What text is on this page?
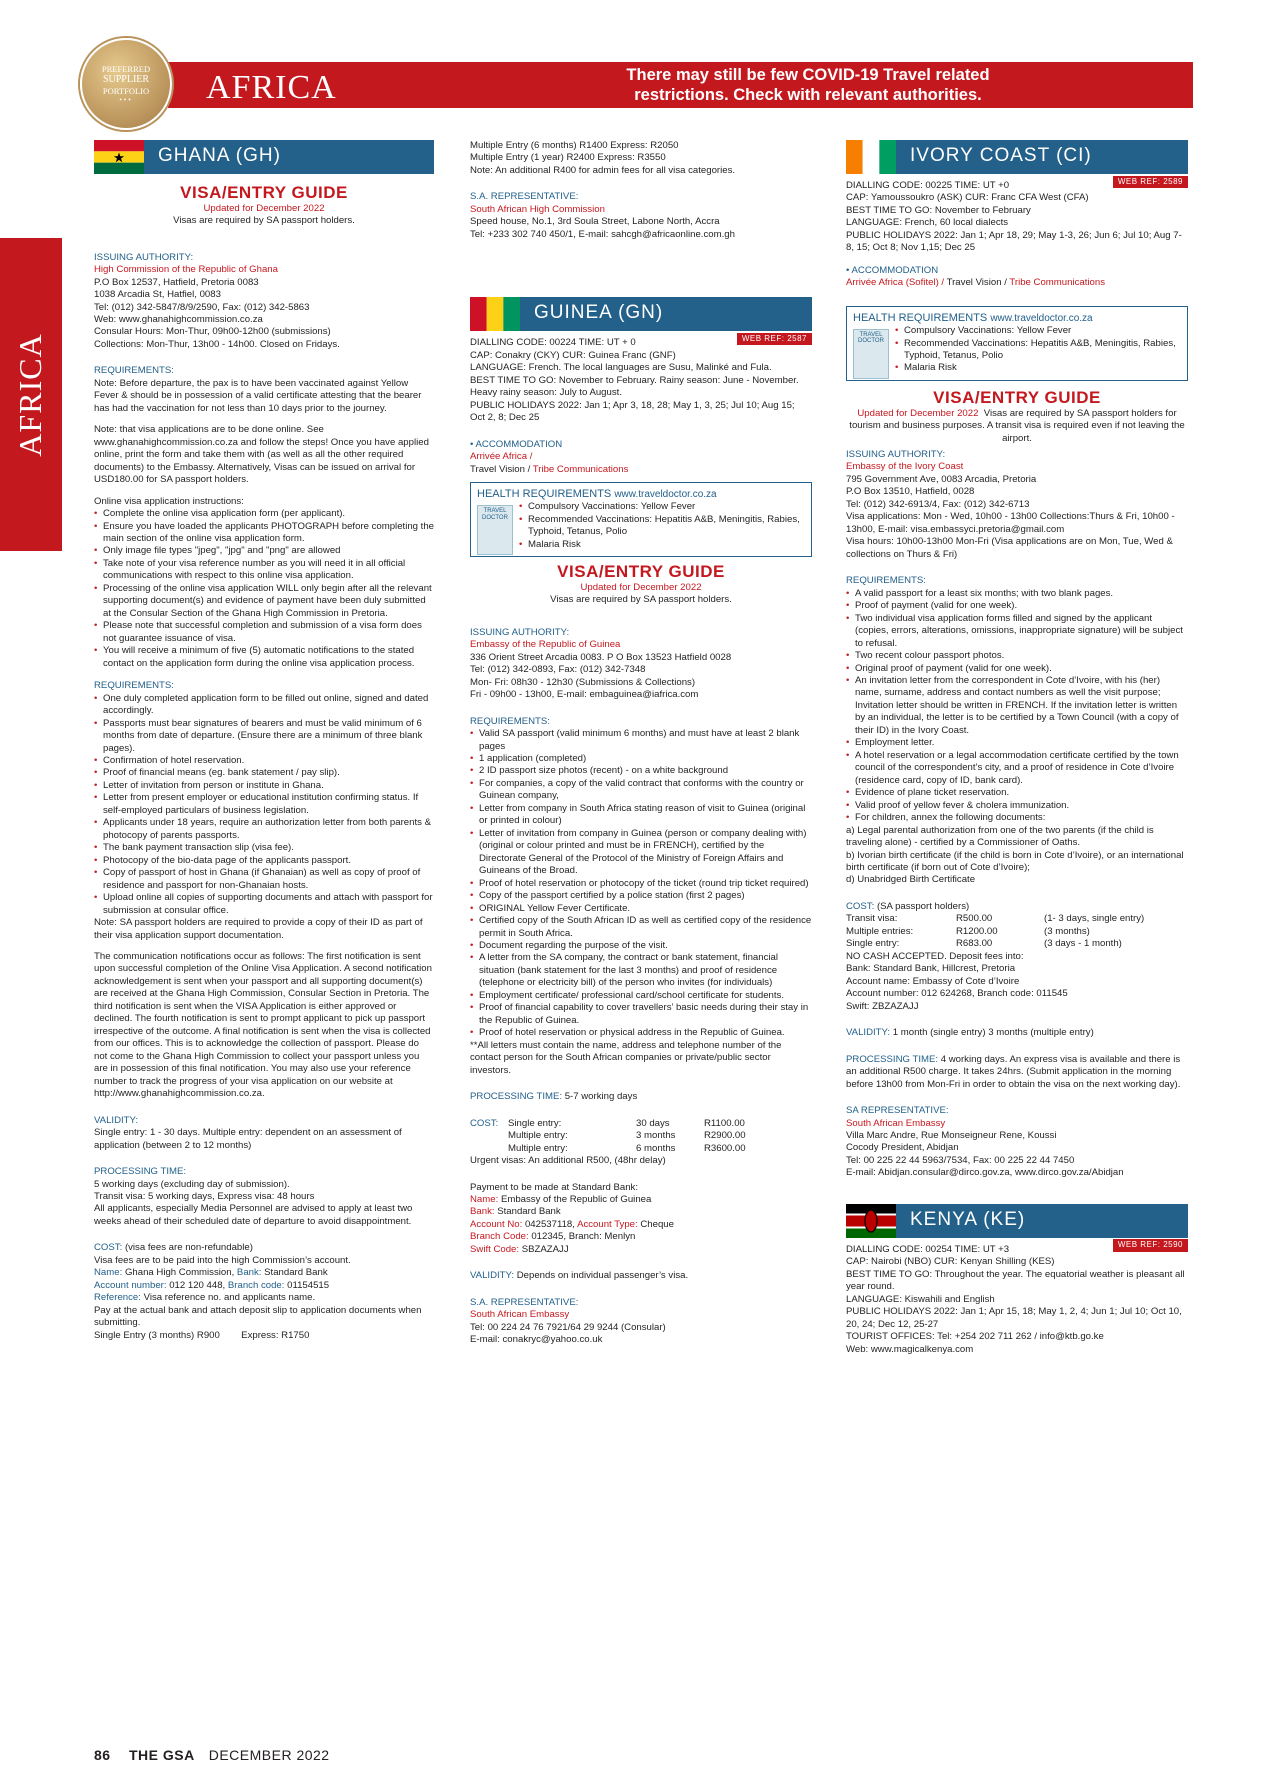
AFRICA
AFRICA	There may still be few COVID-19 Travel related
restrictions. Check with relevant authorities.
PREFERRED
SUPPLIER
PORTFOLIO
•••
GHANA (GH)
VISA/ENTRY GUIDE
Updated for December 2022
Visas are required by SA passport holders.
ISSUING AUTHORITY:
High Commission of the Republic of Ghana
P.O Box 12537, Hatfield, Pretoria 0083
1038 Arcadia St, Hatfiel, 0083
Tel: (012) 342-5847/8/9/2590, Fax: (012) 342-5863
Web: www.ghanahighcommission.co.za
Consular Hours: Mon-Thur, 09h00-12h00 (submissions)
Collections: Mon-Thur, 13h00 - 14h00. Closed on Fridays.
REQUIREMENTS:

Note: Before departure, the pax is to have been vaccinated against Yellow Fever & should be in possession of a valid certificate attesting that the bearer has had the vaccination for not less than 10 days prior to the journey.

Note: that visa applications are to be done online. See www.ghanahighcommission.co.za and follow the steps! Once you have applied online, print the form and take them with (as well as all the other required documents) to the Embassy. Alternatively, Visas can be issued on arrival for USD180.00 for SA passport holders.

Online visa application instructions:

• Complete the online visa application form (per applicant).
• Ensure you have loaded the applicants PHOTOGRAPH before completing the main section of the online visa application form.
• Only image file types "jpeg", "jpg" and "png" are allowed
• Take note of your visa reference number as you will need it in all official communications with respect to this online visa application.
• Processing of the online visa application WILL only begin after all the relevant supporting document(s) and evidence of payment have been duly submitted at the Consular Section of the Ghana High Commission in Pretoria.
• Please note that successful completion and submission of a visa form does not guarantee issuance of visa.
• You will receive a minimum of five (5) automatic notifications to the stated contact on the application form during the online visa application process.
REQUIREMENTS:
• One duly completed application form to be filled out online, signed and dated accordingly.
• Passports must bear signatures of bearers and must be valid minimum of 6 months from date of departure. (Ensure there are a minimum of three blank pages).
• Confirmation of hotel reservation.
• Proof of financial means (eg. bank statement / pay slip).
• Letter of invitation from person or institute in Ghana.
• Letter from present employer or educational institution confirming status. If self-employed particulars of business legislation.
• Applicants under 18 years, require an authorization letter from both parents & photocopy of parents passports.
• The bank payment transaction slip (visa fee).
• Photocopy of the bio-data page of the applicants passport.
• Copy of passport of host in Ghana (if Ghanaian) as well as copy of proof of residence and passport for non-Ghanaian hosts.
• Upload online all copies of supporting documents and attach with passport for submission at consular office.

Note: SA passport holders are required to provide a copy of their ID as part of their visa application support documentation.

The communication notifications occur as follows: The first notification is sent upon successful completion of the Online Visa Application. A second notification acknowledgement is sent when your passport and all supporting document(s) are received at the Ghana High Commission, Consular Section in Pretoria. The third notification is sent when the VISA Application is either approved or declined. The fourth notification is sent to prompt applicant to pick up passport irrespective of the outcome. A final notification is sent when the visa is collected from our offices. This is to acknowledge the collection of passport. Please do not come to the Ghana High Commission to collect your passport unless you are in possession of this final notification. You may also use your reference number to track the progress of your visa application on our website at http://www.ghanahighcommission.co.za.

VALIDITY:

Single entry: 1 - 30 days. Multiple entry: dependent on an assessment of application (between 2 to 12 months)

PROCESSING TIME:
5 working days (excluding day of submission).
Transit visa: 5 working days, Express visa: 48 hours
All applicants, especially Media Personnel are advised to apply at least two weeks ahead of their scheduled date of departure to avoid disappointment.
COST: (visa fees are non-refundable)

Visa fees are to be paid into the high Commission’s account.

Name: Ghana High Commission, Bank: Standard Bank

Account number: 012 120 448, Branch code: 01154515

Reference: Visa reference no. and applicants name.

Pay at the actual bank and attach deposit slip to application documents when submitting.

Single Entry (3 months) R900 Express: R1750

Multiple Entry (6 months) R1400 Express: R2050
Multiple Entry (1 year) R2400 Express: R3550
Note: An additional R400 for admin fees for all visa categories.
S.A. REPRESENTATIVE:
South African High Commission
Speed house, No.1, 3rd Soula Street, Labone North, Accra
Tel: +233 302 740 450/1, E-mail: sahcgh@africaonline.com.gh
GUINEA (GN)
WEB REF: 2587
DIALLING CODE: 00224 TIME: UT + 0
CAP: Conakry (CKY) CUR: Guinea Franc (GNF)
LANGUAGE: French. The local languages are Susu, Malinké and Fula.
BEST TIME TO GO: November to February. Rainy season: June - November. Heavy rainy season: July to August.
PUBLIC HOLIDAYS 2022: Jan 1; Apr 3, 18, 28; May 1, 3, 25; Jul 10; Aug 15; Oct 2, 8; Dec 25
• ACCOMMODATION
Arrivée Africa /
Travel Vision / Tribe Communications
HEALTH REQUIREMENTS www.traveldoctor.co.za
TRAVEL DOCTOR
• Compulsory Vaccinations: Yellow Fever
• Recommended Vaccinations: Hepatitis A&B, Meningitis, Rabies, Typhoid, Tetanus, Polio
• Malaria Risk
VISA/ENTRY GUIDE
Updated for December 2022
Visas are required by SA passport holders.
ISSUING AUTHORITY:
Embassy of the Republic of Guinea
336 Orient Street Arcadia 0083. P O Box 13523 Hatfield 0028
Tel: (012) 342-0893, Fax: (012) 342-7348
Mon- Fri: 08h30 - 12h30 (Submissions & Collections)
Fri - 09h00 - 13h00, E-mail: embaguinea@iafrica.com
REQUIREMENTS:
• Valid SA passport (valid minimum 6 months) and must have at least 2 blank pages
• 1 application (completed)
• 2 ID passport size photos (recent) - on a white background
• For companies, a copy of the valid contract that conforms with the country or Guinean company,
• Letter from company in South Africa stating reason of visit to Guinea (original or printed in colour)
• Letter of invitation from company in Guinea (person or company dealing with)(original or colour printed and must be in FRENCH), certified by the Directorate General of the Protocol of the Ministry of Foreign Affairs and Guineans of the Broad.
• Proof of hotel reservation or photocopy of the ticket (round trip ticket required)
• Copy of the passport certified by a police station (first 2 pages)
• ORIGINAL Yellow Fever Certificate.
• Certified copy of the South African ID as well as certified copy of the residence permit in South Africa.
• Document regarding the purpose of the visit.
• A letter from the SA company, the contract or bank statement, financial situation (bank statement for the last 3 months) and proof of residence (telephone or electricity bill) of the person who invites (for individuals)
• Employment certificate/ professional card/school certificate for students.
• Proof of financial capability to cover travellers’ basic needs during their stay in the Republic of Guinea.
• Proof of hotel reservation or physical address in the Republic of Guinea.

**All letters must contain the name, address and telephone number of the contact person for the South African companies or private/public sector investors.

PROCESSING TIME: 5-7 working days
COST:	Single entry:	30 days	R1100.00
Multiple entry:	3 months	R2900.00
Multiple entry:	6 months	R3600.00

Urgent visas: An additional R500, (48hr delay)

Payment to be made at Standard Bank:

Name: Embassy of the Republic of Guinea

Bank: Standard Bank

Account No: 042537118, Account Type: Cheque

Branch Code: 012345, Branch: Menlyn

Swift Code: SBZAZAJJ

VALIDITY: Depends on individual passenger’s visa.
S.A. REPRESENTATIVE:
South African Embassy
Tel: 00 224 24 76 7921/64 29 9244 (Consular)
E-mail: conakryc@yahoo.co.uk
IVORY COAST (CI)
WEB REF: 2589
DIALLING CODE: 00225 TIME: UT +0
CAP: Yamoussoukro (ASK) CUR: Franc CFA West (CFA)
BEST TIME TO GO: November to February
LANGUAGE: French, 60 local dialects
PUBLIC HOLIDAYS 2022: Jan 1; Apr 18, 29; May 1-3, 26; Jun 6; Jul 10; Aug 7-8, 15; Oct 8; Nov 1,15; Dec 25
• ACCOMMODATION
Arrivée Africa (Sofitel) / Travel Vision / Tribe Communications
HEALTH REQUIREMENTS www.traveldoctor.co.za
TRAVEL DOCTOR
• Compulsory Vaccinations: Yellow Fever
• Recommended Vaccinations: Hepatitis A&B, Meningitis, Rabies, Typhoid, Tetanus, Polio
• Malaria Risk
VISA/ENTRY GUIDE
Updated for December 2022 Visas are required by SA passport holders for tourism and business purposes. A transit visa is required even if not leaving the airport.
ISSUING AUTHORITY:
Embassy of the Ivory Coast
795 Government Ave, 0083 Arcadia, Pretoria
P.O Box 13510, Hatfield, 0028
Tel: (012) 342-6913/4, Fax: (012) 342-6713
Visa applications: Mon - Wed, 10h00 - 13h00 Collections:Thurs & Fri, 10h00 - 13h00, E-mail: visa.embassyci.pretoria@gmail.com
Visa hours: 10h00-13h00 Mon-Fri (Visa applications are on Mon, Tue, Wed & collections on Thurs & Fri)
REQUIREMENTS:
• A valid passport for a least six months; with two blank pages.
• Proof of payment (valid for one week).
• Two individual visa application forms filled and signed by the applicant (copies, errors, alterations, omissions, inappropriate signature) will be subject to refusal.
• Two recent colour passport photos.
• Original proof of payment (valid for one week).
• An invitation letter from the correspondent in Cote d’Ivoire, with his (her) name, surname, address and contact numbers as well the visit purpose; Invitation letter should be written in FRENCH. If the invitation letter is written by an individual, the letter is to be certified by a Town Council (with a copy of their ID) in the Ivory Coast.
• Employment letter.
• A hotel reservation or a legal accommodation certificate certified by the town council of the correspondent’s city, and a proof of residence in Cote d’Ivoire (residence card, copy of ID, bank card).
• Evidence of plane ticket reservation.
• Valid proof of yellow fever & cholera immunization.
• For children, annex the following documents:
a) Legal parental authorization from one of the two parents (if the child is traveling alone) - certified by a Commissioner of Oaths.
b) Ivorian birth certificate (if the child is born in Cote d’Ivoire), or an international birth certificate (if born out of Cote d’Ivoire);
d) Unabridged Birth Certificate
COST: (SA passport holders)
Transit visa:	R500.00	(1- 3 days, single entry)
Multiple entries:	R1200.00	(3 months)
Single entry:	R683.00	(3 days - 1 month)
NO CASH ACCEPTED. Deposit fees into:
Bank: Standard Bank, Hillcrest, Pretoria
Account name: Embassy of Cote d’Ivoire
Account number: 012 624268, Branch code: 011545
Swift: ZBZAZAJJ
VALIDITY: 1 month (single entry) 3 months (multiple entry)
PROCESSING TIME: 4 working days. An express visa is available and there is an additional R500 charge. It takes 24hrs. (Submit application in the morning before 13h00 from Mon-Fri in order to obtain the visa on the next working day).
SA REPRESENTATIVE:
South African Embassy
Villa Marc Andre, Rue Monseigneur Rene, Koussi
Cocody President, Abidjan
Tel: 00 225 22 44 5963/7534, Fax: 00 225 22 44 7450
E-mail: Abidjan.consular@dirco.gov.za, www.dirco.gov.za/Abidjan
KENYA (KE)
WEB REF: 2590
DIALLING CODE: 00254 TIME: UT +3
CAP: Nairobi (NBO) CUR: Kenyan Shilling (KES)
BEST TIME TO GO: Throughout the year. The equatorial weather is pleasant all year round.
LANGUAGE: Kiswahili and English
PUBLIC HOLIDAYS 2022: Jan 1; Apr 15, 18; May 1, 2, 4; Jun 1; Jul 10; Oct 10, 20, 24; Dec 12, 25-27
TOURIST OFFICES: Tel: +254 202 711 262 / info@ktb.go.ke
Web: www.magicalkenya.com
86 THE GSA DECEMBER 2022
